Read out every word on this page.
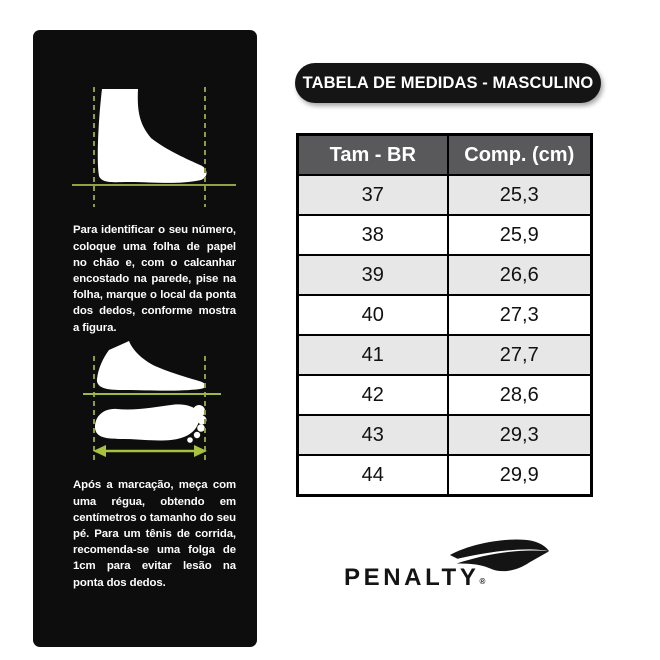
Para identificar o seu número, coloque uma folha de papel no chão e, com o calcanhar encostado na parede, pise na folha, marque o local da ponta dos dedos, conforme mostra a figura.

Após a marcação, meça com uma régua, obtendo em centímetros o tamanho do seu pé. Para um tênis de corrida, recomenda-se uma folga de 1cm para evitar lesão na ponta dos dedos.

TABELA DE MEDIDAS - MASCULINO
Tam - BR	Comp. (cm)
37	25,3
38	25,9
39	26,6
40	27,3
41	27,7
42	28,6
43	29,3
44	29,9
PENALTY®
